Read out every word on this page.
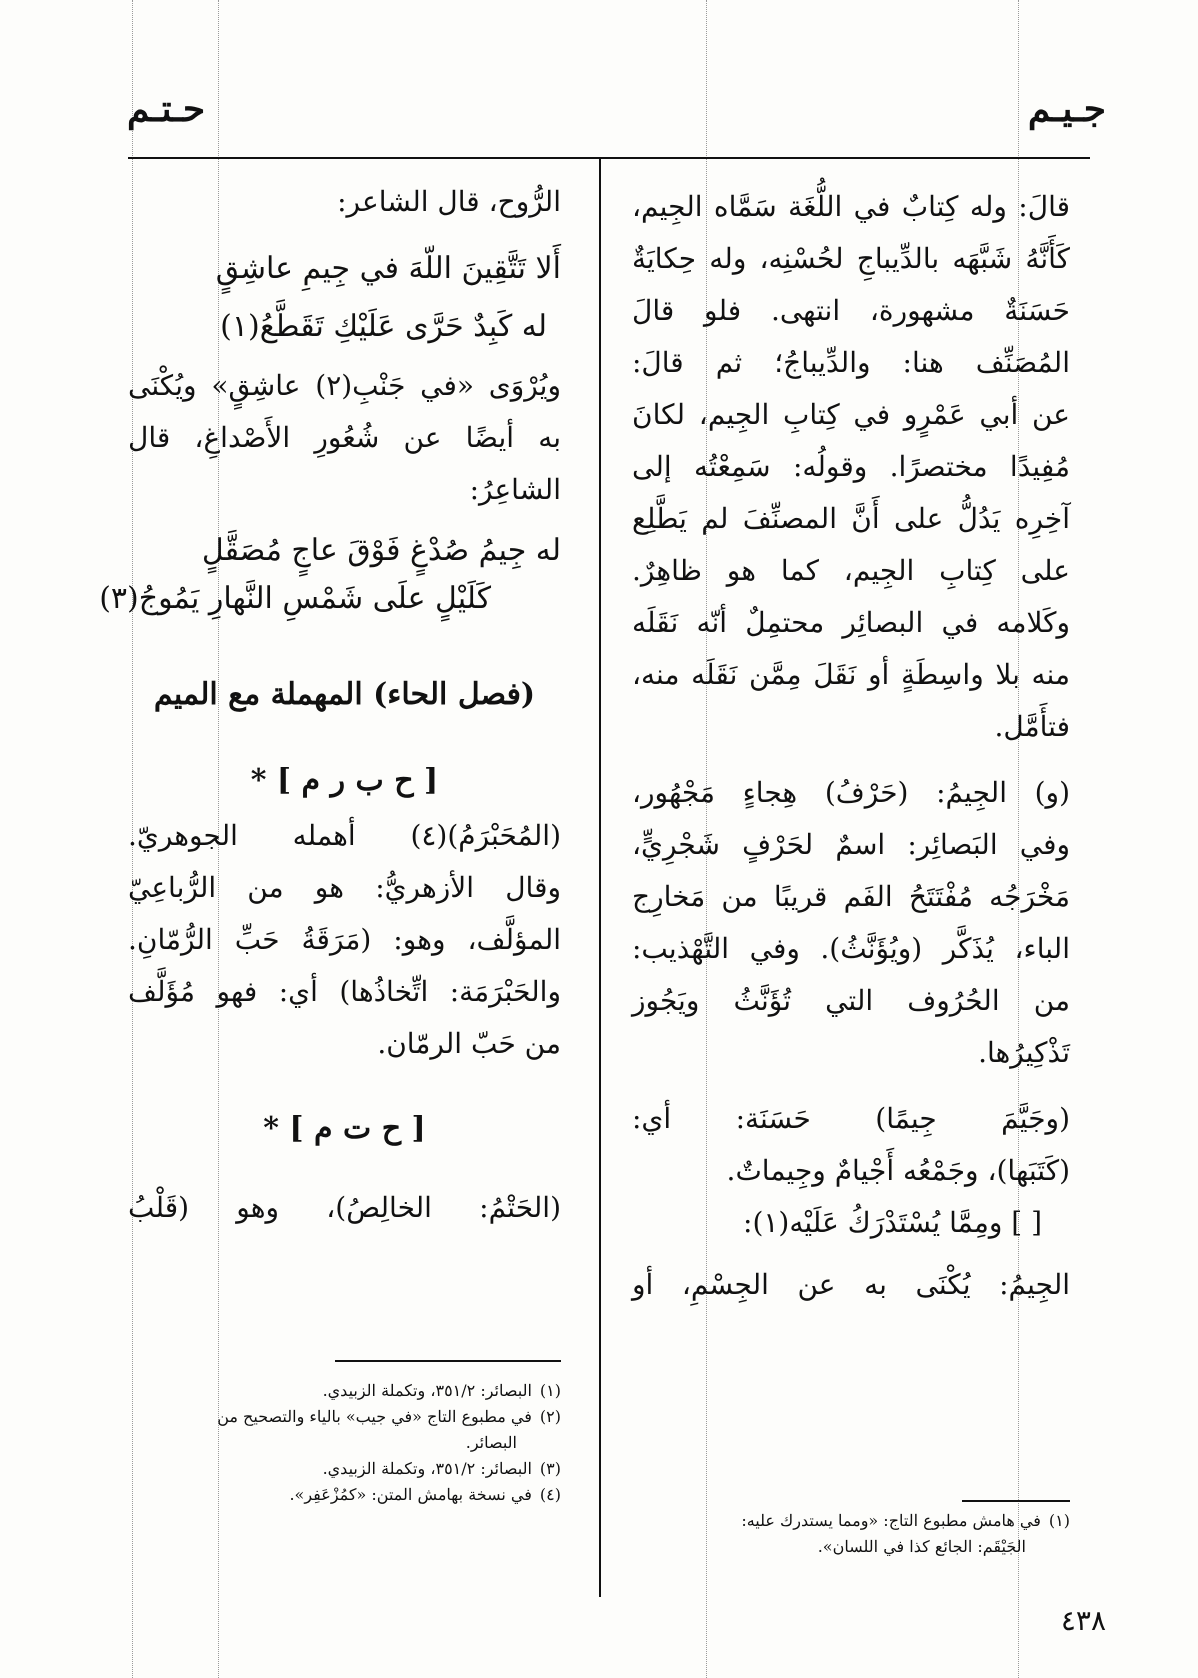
جـيـم
حـتـم
قالَ: وله كِتابٌ في اللُّغَة سَمَّاه الجِيم،
كَأَنَّهُ شَبَّهَه بالدِّيباجِ لحُسْنِه، وله حِكايَةٌ
حَسَنَةٌ مشهورة، انتهى. فلو قالَ
المُصَنِّف هنا: والدِّيباجُ؛ ثم قالَ:
عن أبي عَمْرٍو في كِتابِ الجِيم، لكانَ
مُفِيدًا مختصرًا. وقولُه: سَمِعْتُه إلى
آخِرِه يَدُلُّ على أَنَّ المصنِّفَ لم يَطَّلِع
على كِتابِ الجِيم، كما هو ظاهِرٌ.
وكَلامه في البصائِر محتمِلٌ أنّه نَقَلَه
منه بلا واسِطَةٍ أو نَقَلَ مِمَّن نَقَلَه منه،
فتأَمَّل.
(و) الجِيمُ: (حَرْفُ) هِجاءٍ مَجْهُور،
وفي البَصائِر: اسمٌ لحَرْفٍ شَجْرِيٍّ،
مَخْرَجُه مُفْتَتَحُ الفَم قريبًا من مَخارِج
الباء، يُذَكَّر (ويُؤَنَّثُ). وفي التَّهْذيب:
من الحُرُوف التي تُؤَنَّثُ ويَجُوز
تَذْكِيرُها.
(وجَيَّمَ جِيمًا) حَسَنَة: أي:
(كَتَبَها)، وجَمْعُه أَجْيامٌ وجِيماتٌ.
[ ] ومِمَّا يُسْتَدْرَكُ عَلَيْه(١):
الجِيمُ: يُكْنَى به عن الجِسْمِ، أو
(١)
في هامش مطبوع التاج: «ومما يستدرك عليه:
الجَيْقَم: الجائع كذا في اللسان».
الرُّوح، قال الشاعر:
أَلا تَتَّقِينَ اللّهَ في جِيمِ عاشِقٍ
له كَبِدٌ حَرَّى عَلَيْكِ تَقَطَّعُ(١)
ويُرْوَى «في جَنْبِ(٢) عاشِقٍ» ويُكْنَى
به أيضًا عن شُعُورِ الأَصْداغِ، قال
الشاعِرُ:
له جِيمُ صُدْغٍ فَوْقَ عاجٍ مُصَقَّلٍ
كَلَيْلٍ علَى شَمْسِ النَّهارِ يَمُوجُ(٣)
(فصل الحاء) المهملة مع الميم
[ ح ب ر م ] *
(المُحَبْرَمُ)(٤) أهمله الجوهريّ.
وقال الأزهريُّ: هو من الرُّباعِيّ
المؤلَّف، وهو: (مَرَقَةُ حَبِّ الرُّمّانِ.
والحَبْرَمَة: اتِّخاذُها) أي: فهو مُؤَلَّف
من حَبّ الرمّان.
[ ح ت م ] *
(الحَتْمُ: الخالِصُ)، وهو (قَلْبُ
(١)
البصائر: ٣٥١/٢، وتكملة الزبيدي.
(٢)
في مطبوع التاج «في جيب» بالياء والتصحيح من
البصائر.
(٣)
البصائر: ٣٥١/٢، وتكملة الزبيدي.
(٤)
في نسخة بهامش المتن: «كمُزْعَفِر».
٤٣٨
